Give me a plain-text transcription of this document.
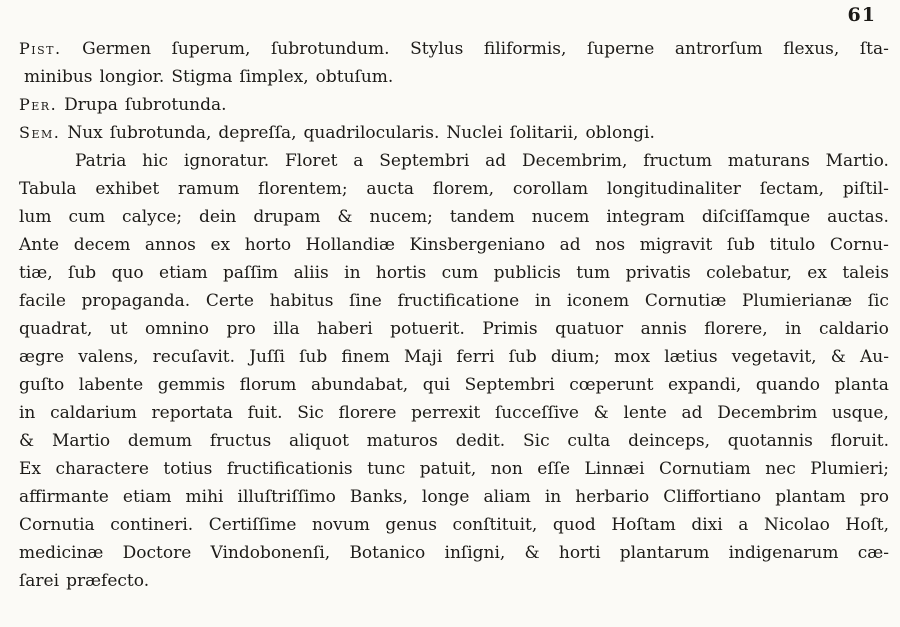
61
Pist. Germen ſuperum, ſubrotundum. Stylus filiformis, ſuperne antrorſum flexus, ſta-
minibus longior. Stigma ſimplex, obtuſum.
Per. Drupa ſubrotunda.
Sem. Nux ſubrotunda, depreſſa, quadrilocularis. Nuclei ſolitarii, oblongi.
Patria hic ignoratur. Floret a Septembri ad Decembrim, fructum maturans Martio.
Tabula exhibet ramum florentem; aucta florem, corollam longitudinaliter ſectam, piſtil-
lum cum calyce; dein drupam & nucem; tandem nucem integram diſciſſamque auctas.
Ante decem annos ex horto Hollandiæ Kinsbergeniano ad nos migravit ſub titulo Cornu-
tiæ, ſub quo etiam paſſim aliis in hortis cum publicis tum privatis colebatur, ex taleis
facile propaganda. Certe habitus ſine fructificatione in iconem Cornutiæ Plumierianæ ſic
quadrat, ut omnino pro illa haberi potuerit. Primis quatuor annis florere, in caldario
ægre valens, recuſavit. Juſſi ſub finem Maji ferri ſub dium; mox lætius vegetavit, & Au-
guſto labente gemmis florum abundabat, qui Septembri cœperunt expandi, quando planta
in caldarium reportata fuit. Sic florere perrexit ſucceſſive & lente ad Decembrim usque,
& Martio demum fructus aliquot maturos dedit. Sic culta deinceps, quotannis floruit.
Ex charactere totius fructificationis tunc patuit, non eſſe Linnæi Cornutiam nec Plumieri;
affirmante etiam mihi illuſtriſſimo Banks, longe aliam in herbario Cliffortiano plantam pro
Cornutia contineri. Certiſſime novum genus conſtituit, quod Hoſtam dixi a Nicolao Hoſt,
medicinæ Doctore Vindobonenſi, Botanico inſigni, & horti plantarum indigenarum cæ-
ſarei præfecto.
